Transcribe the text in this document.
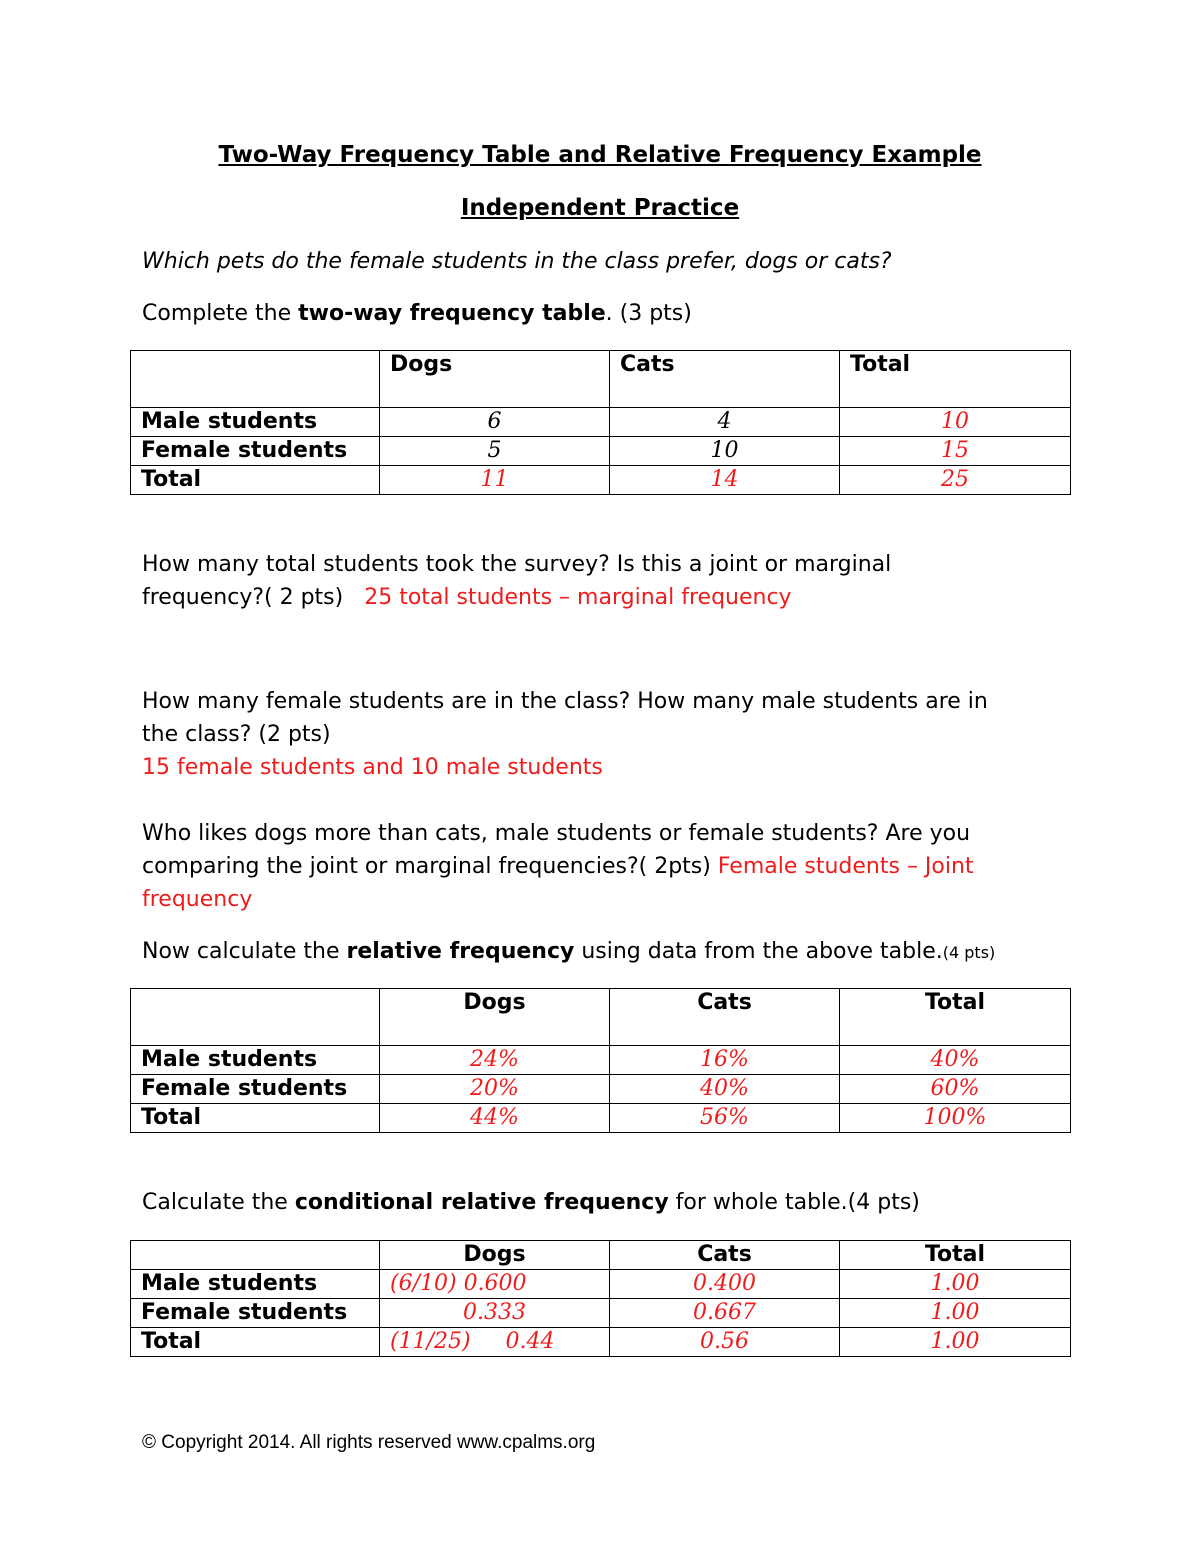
Two-Way Frequency Table and Relative Frequency Example
Independent Practice
Which pets do the female students in the class prefer, dogs or cats?
Complete the two-way frequency table. (3 pts)
	Dogs	Cats	Total
Male students	6	4	10
Female students	5	10	15
Total	11	14	25
How many total students took the survey? Is this a joint or marginal
frequency?( 2 pts) 25 total students – marginal frequency
How many female students are in the class? How many male students are in
the class? (2 pts)
15 female students and 10 male students
Who likes dogs more than cats, male students or female students? Are you
comparing the joint or marginal frequencies?( 2pts) Female students – Joint
frequency
Now calculate the relative frequency using data from the above table.(4 pts)
	Dogs	Cats	Total
Male students	24%	16%	40%
Female students	20%	40%	60%
Total	44%	56%	100%
Calculate the conditional relative frequency for whole table.(4 pts)
	Dogs	Cats	Total
Male students	(6/10) 0.600	0.400	1.00
Female students	0.333	0.667	1.00
Total	(11/25)     0.44	0.56	1.00
© Copyright 2014. All rights reserved www.cpalms.org
